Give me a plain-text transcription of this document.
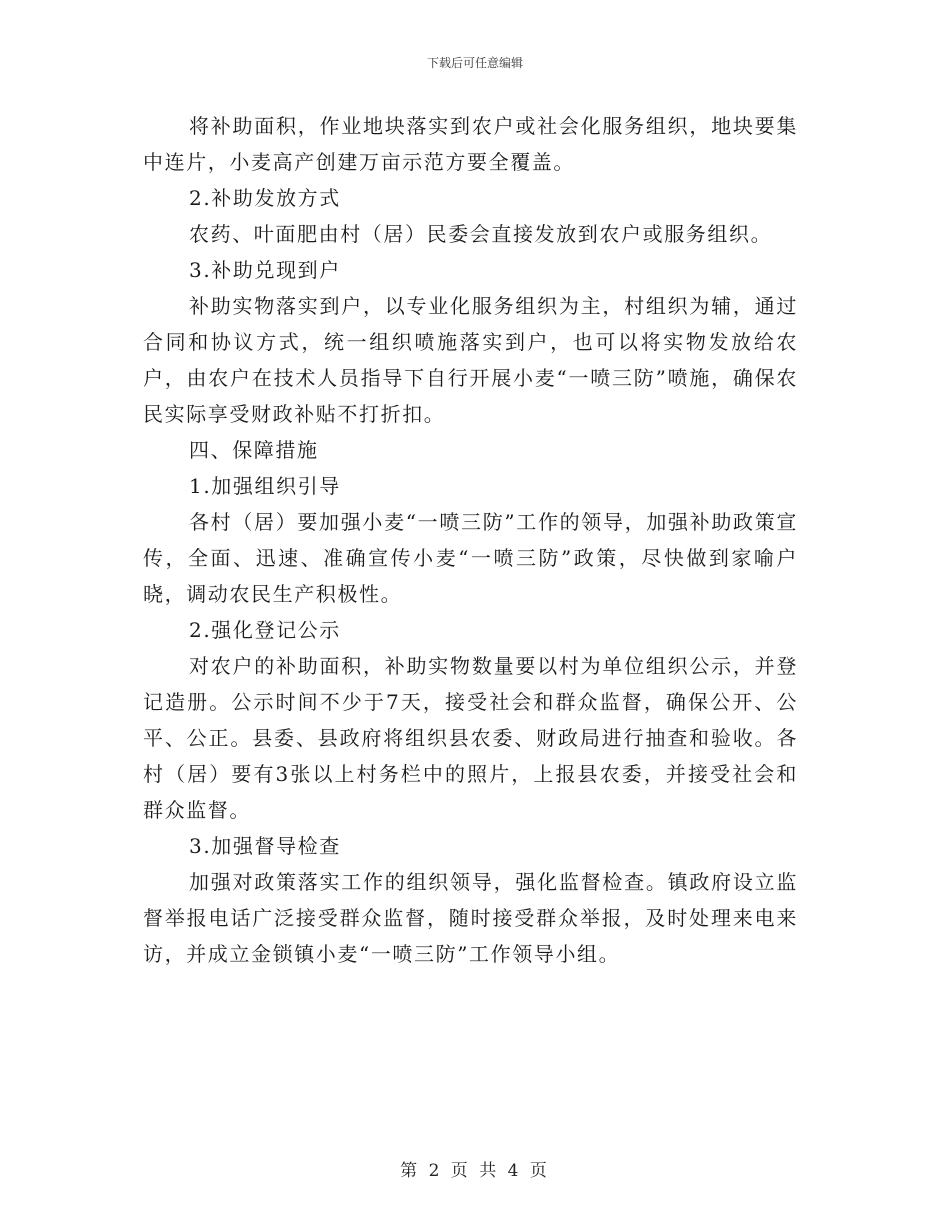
下载后可任意编辑

将补助面积，作业地块落实到农户或社会化服务组织，地块要集中连片，小麦高产创建万亩示范方要全覆盖。

2.补助发放方式

农药、叶面肥由村（居）民委会直接发放到农户或服务组织。

3.补助兑现到户

补助实物落实到户，以专业化服务组织为主，村组织为辅，通过合同和协议方式，统一组织喷施落实到户，也可以将实物发放给农户，由农户在技术人员指导下自行开展小麦“一喷三防”喷施，确保农民实际享受财政补贴不打折扣。

四、保障措施

1.加强组织引导

各村（居）要加强小麦“一喷三防”工作的领导，加强补助政策宣传，全面、迅速、准确宣传小麦“一喷三防”政策，尽快做到家喻户晓，调动农民生产积极性。

2.强化登记公示

对农户的补助面积，补助实物数量要以村为单位组织公示，并登记造册。公示时间不少于7天，接受社会和群众监督，确保公开、公平、公正。县委、县政府将组织县农委、财政局进行抽查和验收。各村（居）要有3张以上村务栏中的照片，上报县农委，并接受社会和群众监督。

3.加强督导检查

加强对政策落实工作的组织领导，强化监督检查。镇政府设立监督举报电话广泛接受群众监督，随时接受群众举报，及时处理来电来访，并成立金锁镇小麦“一喷三防”工作领导小组。

第 2 页 共 4 页
